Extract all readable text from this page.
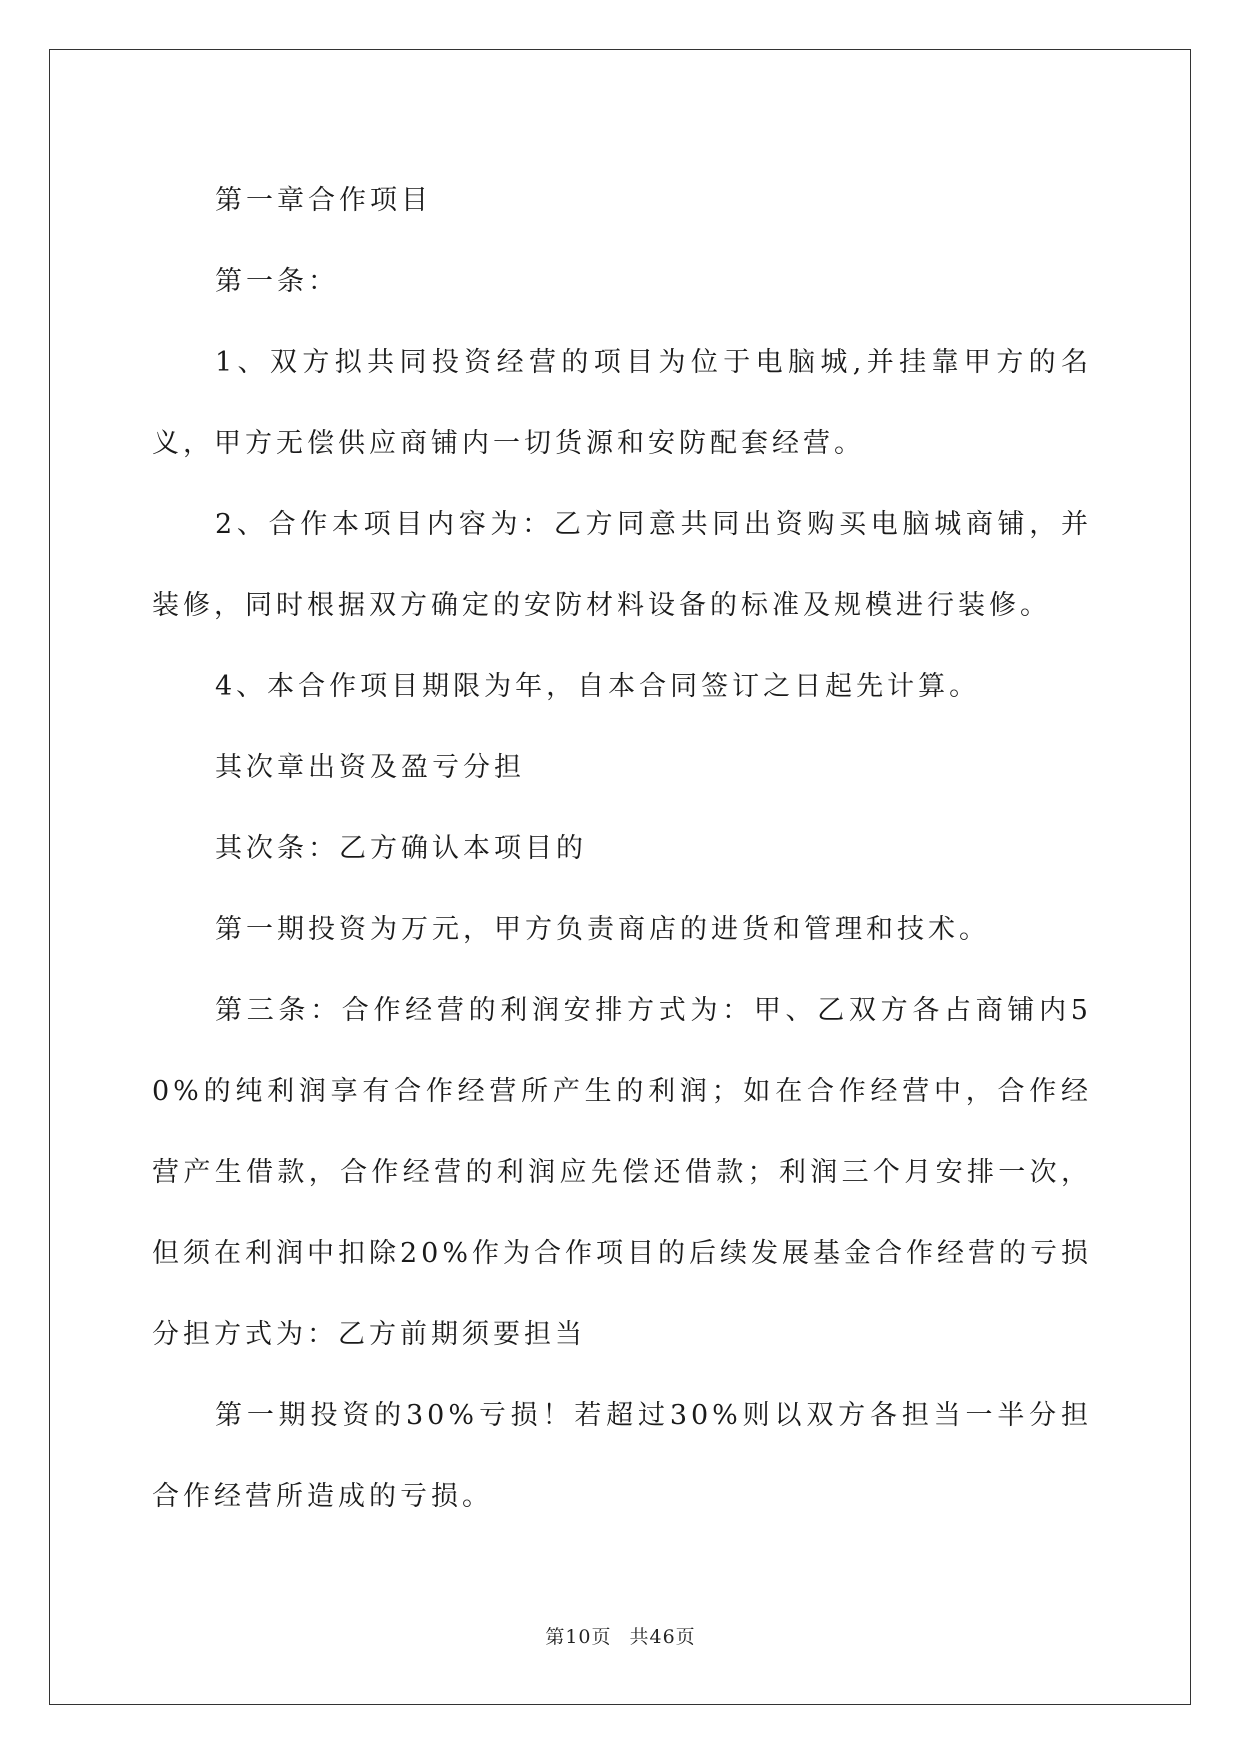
第一章合作项目

第一条：

1、双方拟共同投资经营的项目为位于电脑城,并挂靠甲方的名义，甲方无偿供应商铺内一切货源和安防配套经营。

2、合作本项目内容为：乙方同意共同出资购买电脑城商铺，并装修，同时根据双方确定的安防材料设备的标准及规模进行装修。

4、本合作项目期限为年，自本合同签订之日起先计算。

其次章出资及盈亏分担

其次条：乙方确认本项目的

第一期投资为万元，甲方负责商店的进货和管理和技术。

第三条：合作经营的利润安排方式为：甲、乙双方各占商铺内50%的纯利润享有合作经营所产生的利润；如在合作经营中，合作经营产生借款，合作经营的利润应先偿还借款；利润三个月安排一次，但须在利润中扣除20%作为合作项目的后续发展基金合作经营的亏损分担方式为：乙方前期须要担当

第一期投资的30%亏损！若超过30%则以双方各担当一半分担合作经营所造成的亏损。

第10页 共46页
